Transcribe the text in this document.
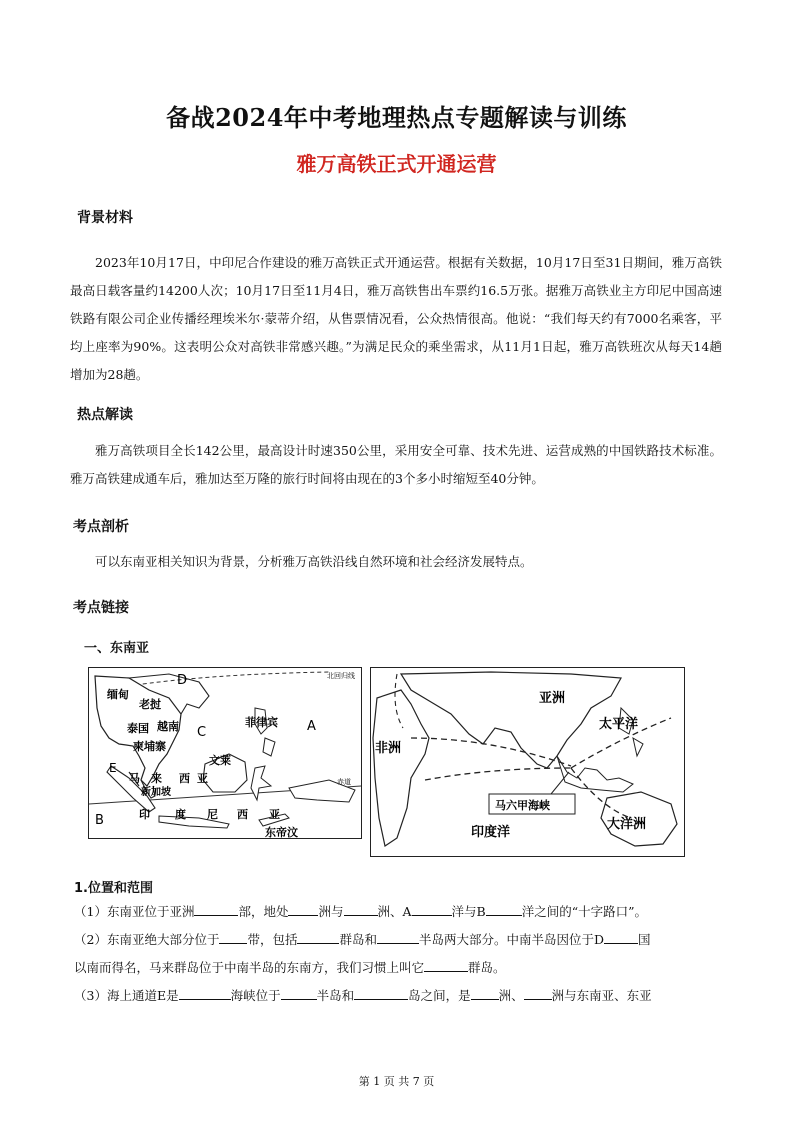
备战2024年中考地理热点专题解读与训练
雅万高铁正式开通运营
背景材料

2023年10月17日，中印尼合作建设的雅万高铁正式开通运营。根据有关数据，10月17日至31日期间，雅万高铁最高日载客量约14200人次；10月17日至11月4日，雅万高铁售出车票约16.5万张。据雅万高铁业主方印尼中国高速铁路有限公司企业传播经理埃米尔·蒙蒂介绍，从售票情况看，公众热情很高。他说：“我们每天约有7000名乘客，平均上座率为90%。这表明公众对高铁非常感兴趣。”为满足民众的乘坐需求，从11月1日起，雅万高铁班次从每天14趟增加为28趟。

热点解读

雅万高铁项目全长142公里，最高设计时速350公里，采用安全可靠、技术先进、运营成熟的中国铁路技术标准。雅万高铁建成通车后，雅加达至万隆的旅行时间将由现在的3个多小时缩短至40分钟。

考点剖析

可以东南亚相关知识为背景，分析雅万高铁沿线自然环境和社会经济发展特点。

考点链接
一、东南亚
D
缅甸
老挝
泰国
柬埔寨
越南 C
菲律宾 A
文莱
E
马 来 西 亚
新加坡
B	印 度 尼 西 亚
东帝汶
赤道
北回归线
亚洲
非洲
太平洋
马六甲海峡
印度洋
大洋洲
1.位置和范围
（1）东南亚位于亚洲	部，地处 洲与	洲、A	洋与B	洋之间的“十字路口”。
（2）东南亚绝大部分位于 带，包括	群岛和	半岛两大部分。中南半岛因位于D	国
以南而得名，马来群岛位于中南半岛的东南方，我们习惯上叫它	群岛。
（3）海上通道E是	海峡位于	半岛和	岛之间，是 洲、 洲与东南亚、东亚
第 1 页 共 7 页
